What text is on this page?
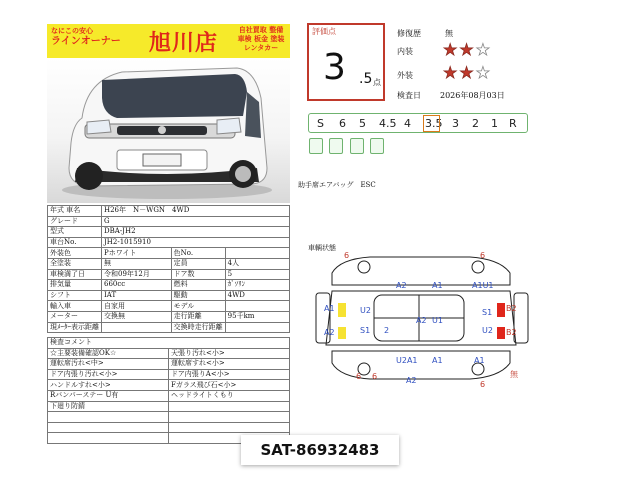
なにこの安心
ラインオーナー 旭川店	自社買取 整備
車検 板金 塗装
レンタカー
年式 車名	H26年　N－WGN　4WD		
グレード	G		
型式	DBA-JH2		
車台No.	JH2-1015910		
外装色	Pホワイト	色No.	
全塗装	無	定員	4人
車検満了日	令和09年12月	ドア数	5
排気量	660cc	燃料	ｶﾞｿﾘﾝ
シフト	IAT	駆動	4WD
輸入車	自家用	モデル	
メーター	交換無	走行距離	95千km
現ﾒｰﾀｰ表示距離		交換時走行距離	
検査コメント	
☆主要装備確認OK☆	天張り汚れ<小>
運転席汚れ<中>	運転席すれ<小>
ドア内張り汚れ<小>	ドア内張りA<小>
ハンドルすれ<小>	Fガラス飛び石<小>
Rバンパーステー U有	ヘッドライトくもり
下廻り防錆	

評価点
3 .5 点
修復歴	無
内装 ★ ★ ★
外装 ★ ★ ★
検査日 2026年08月03日
S 6 5 4.5 4 3.5 3 2 1 R
助手席エアバッグ　ESC
車輌状態
6	6
A2	A1	A1U1
A1	U2	S1 B2
A2 U1
S1	U2
A2	B2
2
U2A1 A1	A1
6 6	A2	6
無
SAT-86932483
